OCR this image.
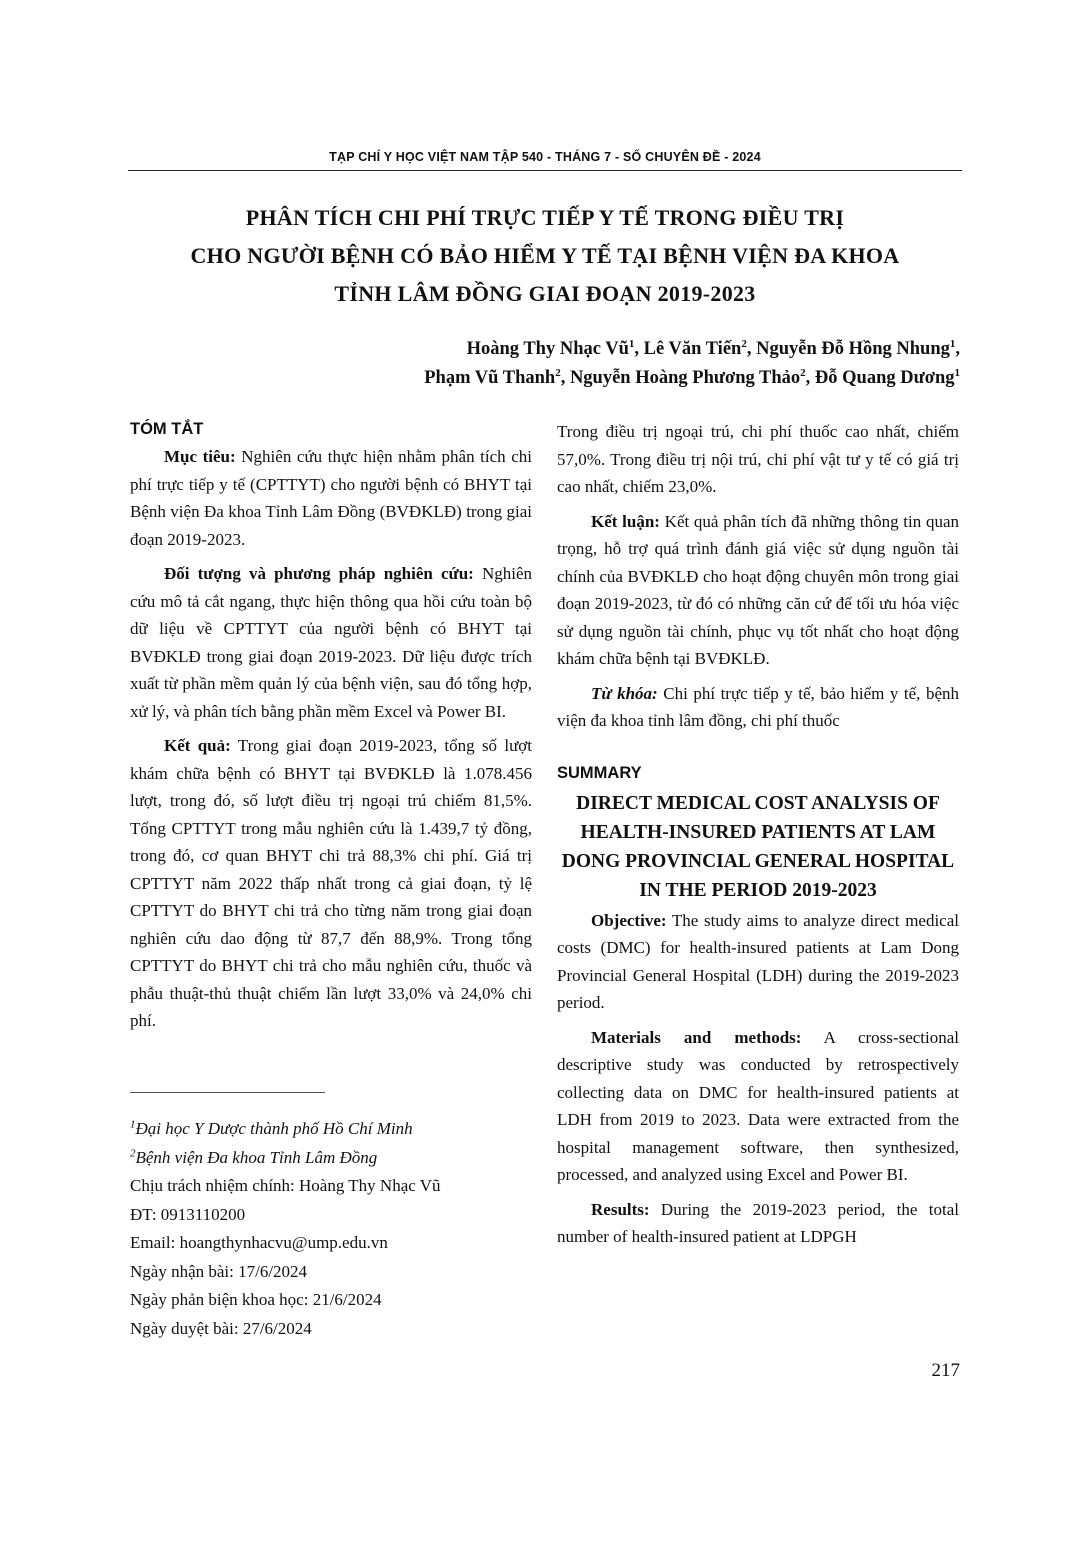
TẠP CHÍ Y HỌC VIỆT NAM TẬP 540 - THÁNG 7 - SỐ CHUYÊN ĐỀ - 2024
PHÂN TÍCH CHI PHÍ TRỰC TIẾP Y TẾ TRONG ĐIỀU TRỊ
CHO NGƯỜI BỆNH CÓ BẢO HIỂM Y TẾ TẠI BỆNH VIỆN ĐA KHOA
TỈNH LÂM ĐỒNG GIAI ĐOẠN 2019-2023
Hoàng Thy Nhạc $Vũ^1$, Lê Văn Tiến$^2$, Nguyễn Đỗ Hồng Nhung$^1$,
Phạm Vũ Thanh$^2$, Nguyễn Hoàng Phương Thảo$^2$, Đỗ Quang Dương$^1$
TÓM TẮT

Mục tiêu: Nghiên cứu thực hiện nhằm phân tích chi phí trực tiếp y tế (CPTTYT) cho người bệnh có BHYT tại Bệnh viện Đa khoa Tỉnh Lâm Đồng (BVĐKLĐ) trong giai đoạn 2019-2023.

Đối tượng và phương pháp nghiên cứu: Nghiên cứu mô tả cắt ngang, thực hiện thông qua hồi cứu toàn bộ dữ liệu về CPTTYT của người bệnh có BHYT tại BVĐKLĐ trong giai đoạn 2019-2023. Dữ liệu được trích xuất từ phần mềm quản lý của bệnh viện, sau đó tổng hợp, xử lý, và phân tích bằng phần mềm Excel và Power BI.

Kết quả: Trong giai đoạn 2019-2023, tổng số lượt khám chữa bệnh có BHYT tại BVĐKLĐ là 1.078.456 lượt, trong đó, số lượt điều trị ngoại trú chiếm 81,5%. Tổng CPTTYT trong mẫu nghiên cứu là 1.439,7 tỷ đồng, trong đó, cơ quan BHYT chi trả 88,3% chi phí. Giá trị CPTTYT năm 2022 thấp nhất trong cả giai đoạn, tỷ lệ CPTTYT do BHYT chi trả cho từng năm trong giai đoạn nghiên cứu dao động từ 87,7 đến 88,9%. Trong tổng CPTTYT do BHYT chi trả cho mẫu nghiên cứu, thuốc và phẫu thuật-thủ thuật chiếm lần lượt 33,0% và 24,0% chi phí.

$^1$Đại học Y Dược thành phố Hồ Chí Minh
$^2$Bệnh viện Đa khoa Tỉnh Lâm Đồng
Chịu trách nhiệm chính: Hoàng Thy Nhạc Vũ
ĐT: 0913110200
Email: hoangthynhacvu@ump.edu.vn
Ngày nhận bài: 17/6/2024
Ngày phản biện khoa học: 21/6/2024
Ngày duyệt bài: 27/6/2024

Trong điều trị ngoại trú, chi phí thuốc cao nhất, chiếm 57,0%. Trong điều trị nội trú, chi phí vật tư y tế có giá trị cao nhất, chiếm 23,0%.

Kết luận: Kết quả phân tích đã những thông tin quan trọng, hỗ trợ quá trình đánh giá việc sử dụng nguồn tài chính của BVĐKLĐ cho hoạt động chuyên môn trong giai đoạn 2019-2023, từ đó có những căn cứ để tối ưu hóa việc sử dụng nguồn tài chính, phục vụ tốt nhất cho hoạt động khám chữa bệnh tại BVĐKLĐ.

Từ khóa: Chi phí trực tiếp y tế, bảo hiểm y tế, bệnh viện đa khoa tỉnh lâm đồng, chi phí thuốc

SUMMARY
DIRECT MEDICAL COST ANALYSIS OF HEALTH-INSURED PATIENTS AT LAM DONG PROVINCIAL GENERAL HOSPITAL IN THE PERIOD 2019-2023

Objective: The study aims to analyze direct medical costs (DMC) for health-insured patients at Lam Dong Provincial General Hospital (LDH) during the 2019-2023 period.

Materials and methods: A cross-sectional descriptive study was conducted by retrospectively collecting data on DMC for health-insured patients at LDH from 2019 to 2023. Data were extracted from the hospital management software, then synthesized, processed, and analyzed using Excel and Power BI.

Results: During the 2019-2023 period, the total number of health-insured patient at LDPGH

217
